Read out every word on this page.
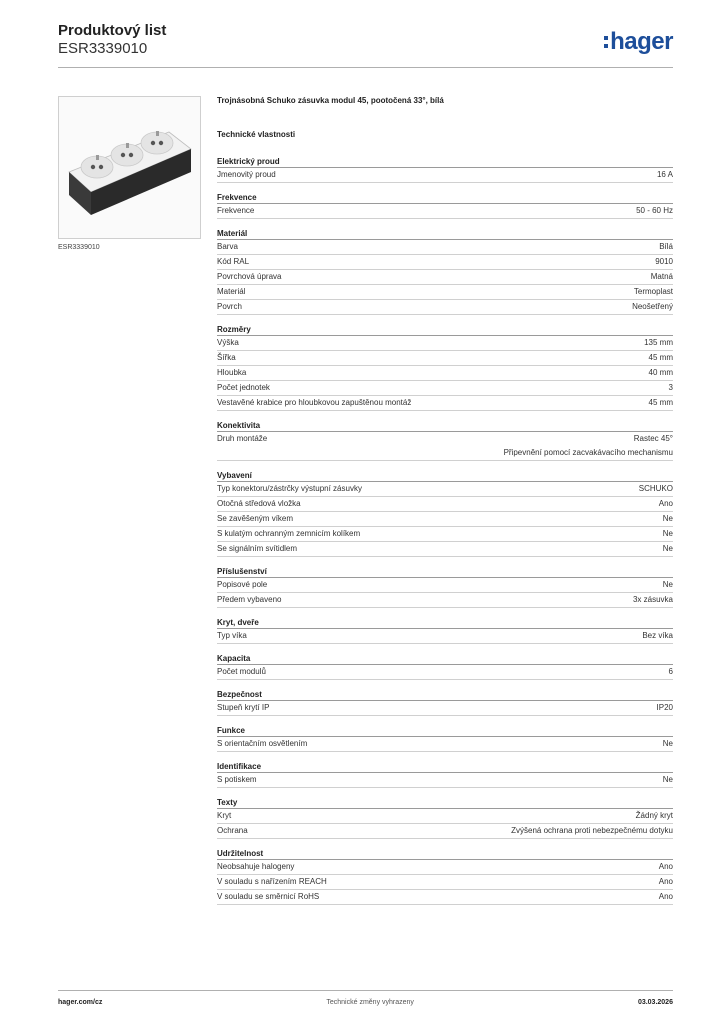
Produktový list
ESR3339010	hager
ESR3339010
Trojnásobná Schuko zásuvka modul 45, pootočená 33°, bílá
Technické vlastnosti
Elektrický proud
Jmenovitý proud	16 A
Frekvence
Frekvence	50 - 60 Hz
Materiál
Barva	Bílá
Kód RAL	9010
Povrchová úprava	Matná
Materiál	Termoplast
Povrch	Neošetřený
Rozměry
Výška	135 mm
Šířka	45 mm
Hloubka	40 mm
Počet jednotek	3
Vestavěné krabice pro hloubkovou zapuštěnou montáž	45 mm
Konektivita
Druh montáže	Rastec 45°
Připevnění pomocí zacvakávacího mechanismu
Vybavení
Typ konektoru/zástrčky výstupní zásuvky	SCHUKO
Otočná středová vložka	Ano
Se zavěšeným víkem	Ne
S kulatým ochranným zemnicím kolíkem	Ne
Se signálním svítidlem	Ne
Příslušenství
Popisové pole	Ne
Předem vybaveno	3x zásuvka
Kryt, dveře
Typ víka	Bez víka
Kapacita
Počet modulů	6
Bezpečnost
Stupeň krytí IP	IP20
Funkce
S orientačním osvětlením	Ne
Identifikace
S potiskem	Ne
Texty
Kryt	Žádný kryt
Ochrana	Zvýšená ochrana proti nebezpečnému dotyku
Udržitelnost
Neobsahuje halogeny	Ano
V souladu s nařízením REACH	Ano
V souladu se směrnicí RoHS	Ano
hager.com/cz	Technické změny vyhrazeny	03.03.2026
